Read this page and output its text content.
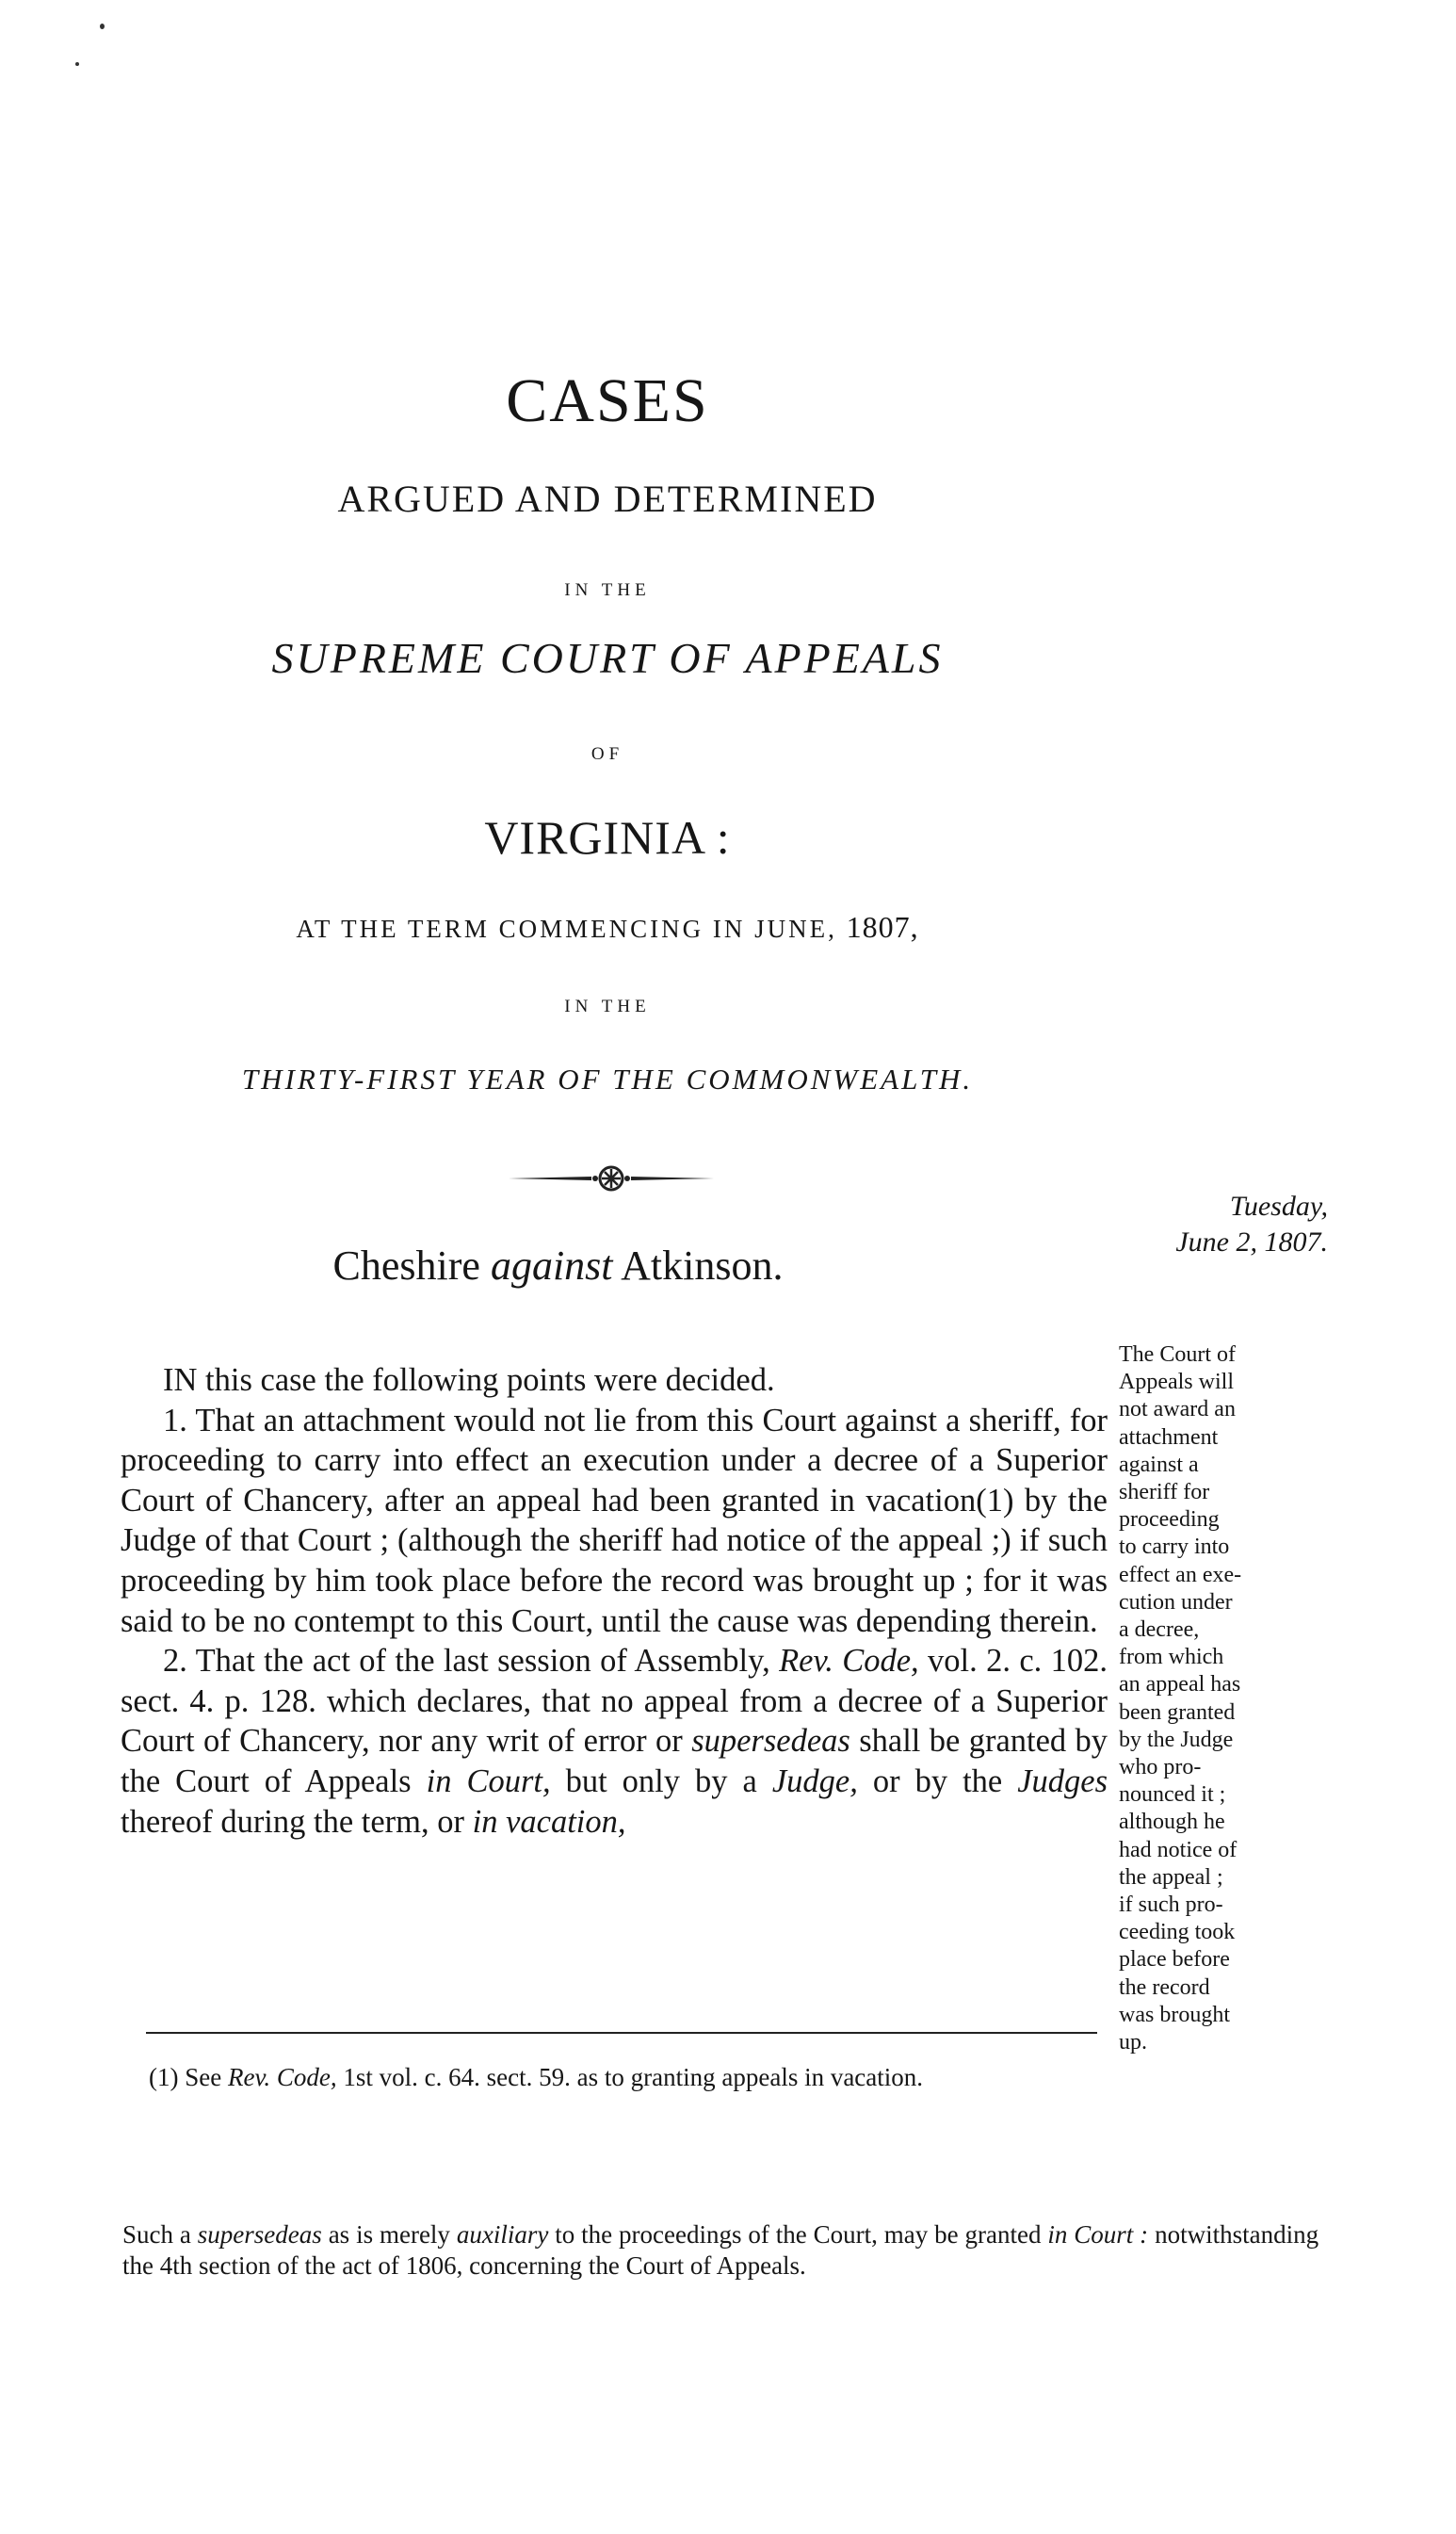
CASES
ARGUED AND DETERMINED
IN THE
SUPREME COURT OF APPEALS
OF
VIRGINIA :
AT THE TERM COMMENCING IN JUNE, 1807,
IN THE
THIRTY-FIRST YEAR OF THE COMMONWEALTH.
Cheshire against Atkinson.
Tuesday,
June 2, 1807.

IN this case the following points were decided.

1. That an attachment would not lie from this Court against a sheriff, for proceeding to carry into effect an execution under a decree of a Superior Court of Chancery, after an appeal had been granted in vacation(1) by the Judge of that Court ; (although the sheriff had notice of the appeal ;) if such proceeding by him took place before the record was brought up ; for it was said to be no contempt to this Court, until the cause was depending therein.

2. That the act of the last session of Assembly, Rev. Code, vol. 2. c. 102. sect. 4. p. 128. which declares, that no appeal from a decree of a Superior Court of Chancery, nor any writ of error or supersedeas shall be granted by the Court of Appeals in Court, but only by a Judge, or by the Judges thereof during the term, or in vacation,

The Court of
Appeals will
not award an
attachment
against a
sheriff for
proceeding
to carry into
effect an exe-
cution under
a decree,
from which
an appeal has
been granted
by the Judge
who pro-
nounced it ;
although he
had notice of
the appeal ;
if such pro-
ceeding took
place before
the record
was brought
up.
(1) See Rev. Code, 1st vol. c. 64. sect. 59. as to granting appeals in vacation.
Such a supersedeas as is merely auxiliary to the proceedings of the Court, may be granted in Court : notwithstanding the 4th section of the act of 1806, concerning the Court of Appeals.
